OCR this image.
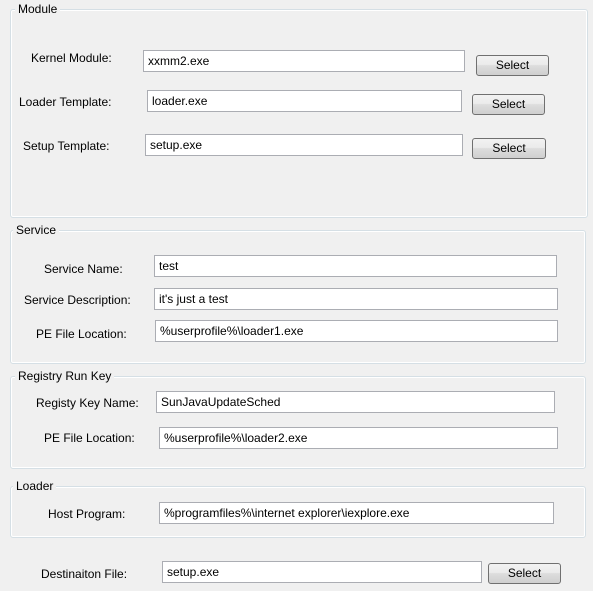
Module
Kernel Module:	xxmm2.exe	Select
Loader Template:	loader.exe	Select
Setup Template:	setup.exe	Select
Service
Service Name:	test
Service Description:	it's just a test
PE File Location:	%userprofile%\loader1.exe
Registry Run Key
Registy Key Name:	SunJavaUpdateSched
PE File Location:	%userprofile%\loader2.exe
Loader
Host Program:	%programfiles%\internet explorer\iexplore.exe
Destinaiton File:	setup.exe	Select
